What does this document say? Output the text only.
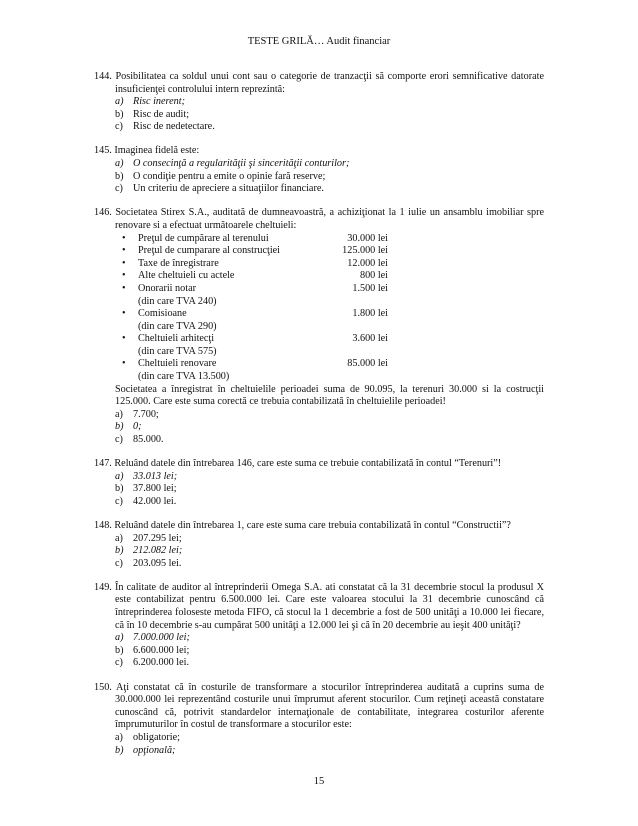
TESTE GRILĂ… Audit financiar
144. Posibilitatea ca soldul unui cont sau o categorie de tranzacţii să comporte erori semnificative datorate insuficienţei controlului intern reprezintă:
a) Risc inerent;
b) Risc de audit;
c) Risc de nedetectare.
145. Imaginea fidelă este:
a) O consecinţă a regularităţii şi sincerităţii conturilor;
b) O condiţie pentru a emite o opinie fară reserve;
c) Un criteriu de apreciere a situaţiilor financiare.
146. Societatea Stirex S.A., auditată de dumneavoastră, a achiziţionat la 1 iulie un ansamblu imobiliar spre renovare si a efectuat următoarele cheltuieli:
• Preţul de cumpărare al terenului	30.000 lei
• Preţul de cumparare al construcţiei	125.000 lei
• Taxe de înregistrare	12.000 lei
• Alte cheltuieli cu actele	800 lei
• Onorarii notar	1.500 lei
(din care TVA 240)
• Comisioane	1.800 lei
(din care TVA 290)
• Cheltuieli arhitecţi	3.600 lei
(din care TVA 575)
• Cheltuieli renovare	85.000 lei
(din care TVA 13.500)
Societatea a înregistrat în cheltuielile perioadei suma de 90.095, la terenuri 30.000 si la costrucţii 125.000. Care este suma corectă ce trebuia contabilizată în cheltuielile perioadei!
a) 7.700;
b) 0;
c) 85.000.
147. Reluând datele din întrebarea 146, care este suma ce trebuie contabilizată în contul “Terenuri”!
a) 33.013 lei;
b) 37.800 lei;
c) 42.000 lei.
148. Reluând datele din întrebarea 1, care este suma care trebuia contabilizată în contul “Constructii”?
a) 207.295 lei;
b) 212.082 lei;
c) 203.095 lei.
149. În calitate de auditor al întreprinderii Omega S.A. ati constatat că la 31 decembrie stocul la produsul X este contabilizat pentru 6.500.000 lei. Care este valoarea stocului la 31 decembrie cunoscând că întreprinderea foloseste metoda FIFO, că stocul la 1 decembrie a fost de 500 unităţi a 10.000 lei fiecare, că în 10 decembrie s-au cumpărat 500 unităţi a 12.000 lei şi că în 20 decembrie au ieşit 400 unităţi?
a) 7.000.000 lei;
b) 6.600.000 lei;
c) 6.200.000 lei.
150. Aţi constatat că în costurile de transformare a stocurilor întreprinderea auditată a cuprins suma de 30.000.000 lei reprezentând costurile unui împrumut aferent stocurilor. Cum reţineţi această constatare cunoscând că, potrivit standardelor internaţionale de contabilitate, integrarea costurilor aferente împrumuturilor în costul de transformare a stocurilor este:
a) obligatorie;
b) opţională;
15
